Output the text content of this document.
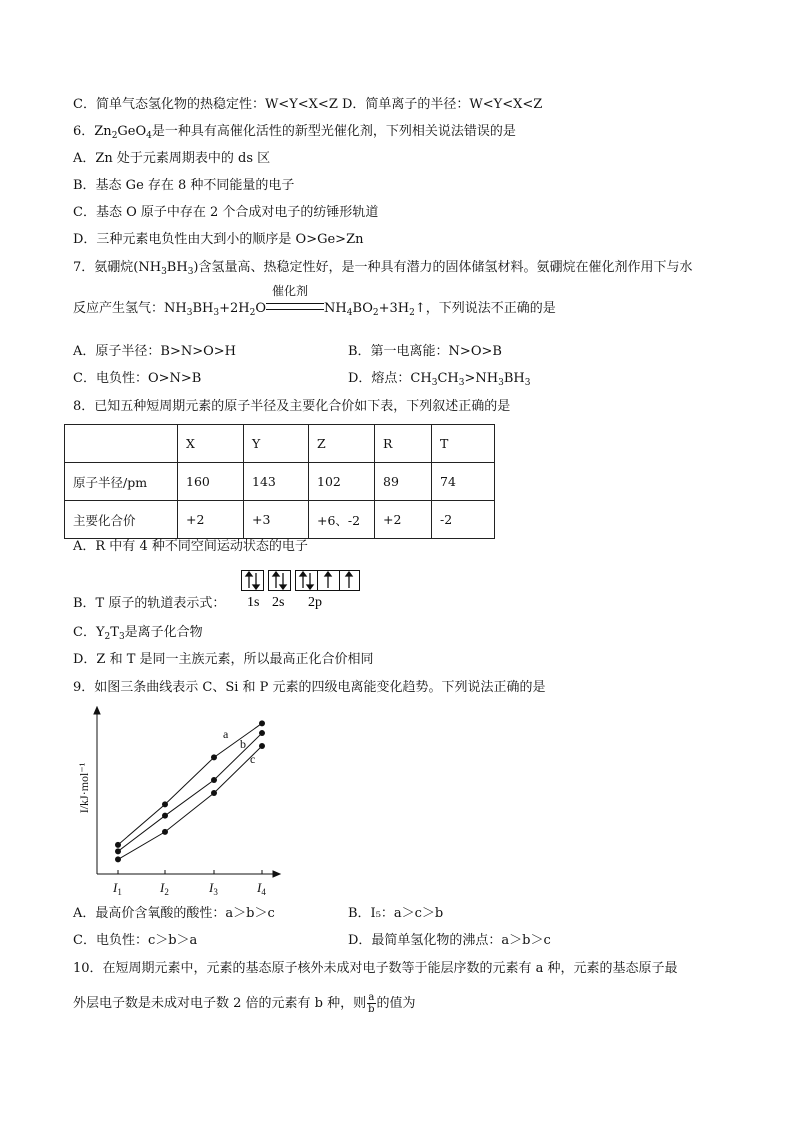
C．简单气态氢化物的热稳定性：W<Y<X<Z D．简单离子的半径：W<Y<X<Z
6．$Zn_2GeO_4$是一种具有高催化活性的新型光催化剂，下列相关说法错误的是
A．Zn 处于元素周期表中的 ds 区
B．基态 Ge 存在 8 种不同能量的电子
C．基态 O 原子中存在 2 个合成对电子的纺锤形轨道
D．三种元素电负性由大到小的顺序是 O>Ge>Zn
7．氨硼烷$(NH_3BH_3)$含氢量高、热稳定性好，是一种具有潜力的固体储氢材料。氨硼烷在催化剂作用下与水
反应产生氢气：$NH_3BH_3+2H_2O$
催化剂
$NH_4BO_2+3H_2↑$，下列说法不正确的是
A．原子半径：B>N>O>H	B．第一电离能：N>O>B
C．电负性：O>N>B	D．熔点：$CH_3CH_3>NH_3BH_3$
8．已知五种短周期元素的原子半径及主要化合价如下表，下列叙述正确的是
	X	Y	Z	R	T
原子半径/pm	160	143	102	89	74
主要化合价	+2	+3	+6、-2	+2	-2
A．R 中有 4 种不同空间运动状态的电子
B．T 原子的轨道表示式： 1s 2s 2p
C．$Y_2T_3$是离子化合物
D．Z 和 T 是同一主族元素，所以最高正化合价相同
9．如图三条曲线表示 C、Si 和 P 元素的四级电离能变化趋势。下列说法正确的是
a
b
c
$I_1$	$I_2$	$I_3$	$I_4$
I/kJ·mol⁻¹
A．最高价含氧酸的酸性：a＞b＞c	B．I₅：a＞c＞b
C．电负性：c＞b＞a	D．最简单氢化物的沸点：a＞b＞c
10．在短周期元素中，元素的基态原子核外未成对电子数等于能层序数的元素有 a 种，元素的基态原子最
外层电子数是未成对电子数 2 倍的元素有 b 种，则 $\frac{a}{b}$ 的值为
